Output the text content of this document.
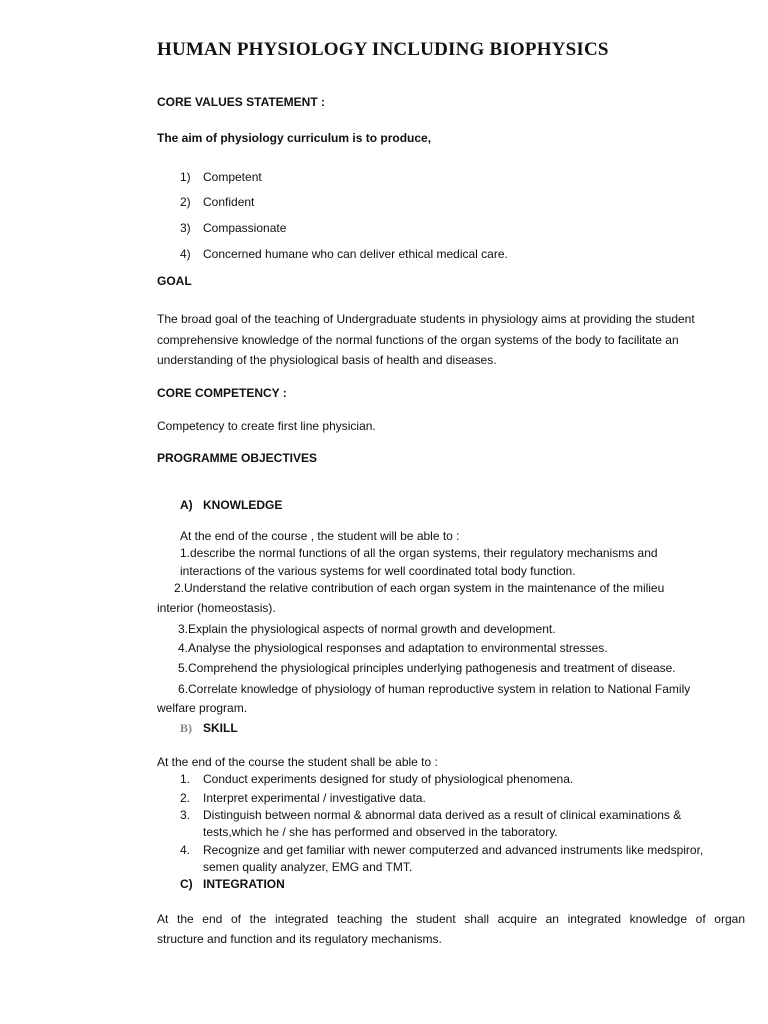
HUMAN PHYSIOLOGY INCLUDING BIOPHYSICS
CORE VALUES STATEMENT :
The aim of physiology curriculum is to produce,
1) Competent
2) Confident
3) Compassionate
4) Concerned humane who can deliver ethical medical care.
GOAL
The broad goal of the teaching of Undergraduate students in physiology aims at providing the student
comprehensive knowledge of the normal functions of the organ systems of the body to facilitate an
understanding of the physiological basis of health and diseases.
CORE COMPETENCY :
Competency to create first line physician.
PROGRAMME OBJECTIVES
A) KNOWLEDGE
At the end of the course , the student will be able to :
1.describe the normal functions of all the organ systems, their regulatory mechanisms and
interactions of the various systems for well coordinated total body function.
2.Understand the relative contribution of each organ system in the maintenance of the milieu
interior (homeostasis).
3.Explain the physiological aspects of normal growth and development.
4.Analyse the physiological responses and adaptation to environmental stresses.
5.Comprehend the physiological principles underlying pathogenesis and treatment of disease.
6.Correlate knowledge of physiology of human reproductive system in relation to National Family
welfare program.
B) SKILL
At the end of the course the student shall be able to :
1. Conduct experiments designed for study of physiological phenomena.
2. Interpret experimental / investigative data.
3. Distinguish between normal & abnormal data derived as a result of clinical examinations &
tests,which he / she has performed and observed in the taboratory.
4. Recognize and get familiar with newer computerzed and advanced instruments like medspiror,
semen quality analyzer, EMG and TMT.
C) INTEGRATION
At the end of the integrated teaching the student shall acquire an integrated knowledge of organ
structure and function and its regulatory mechanisms.
